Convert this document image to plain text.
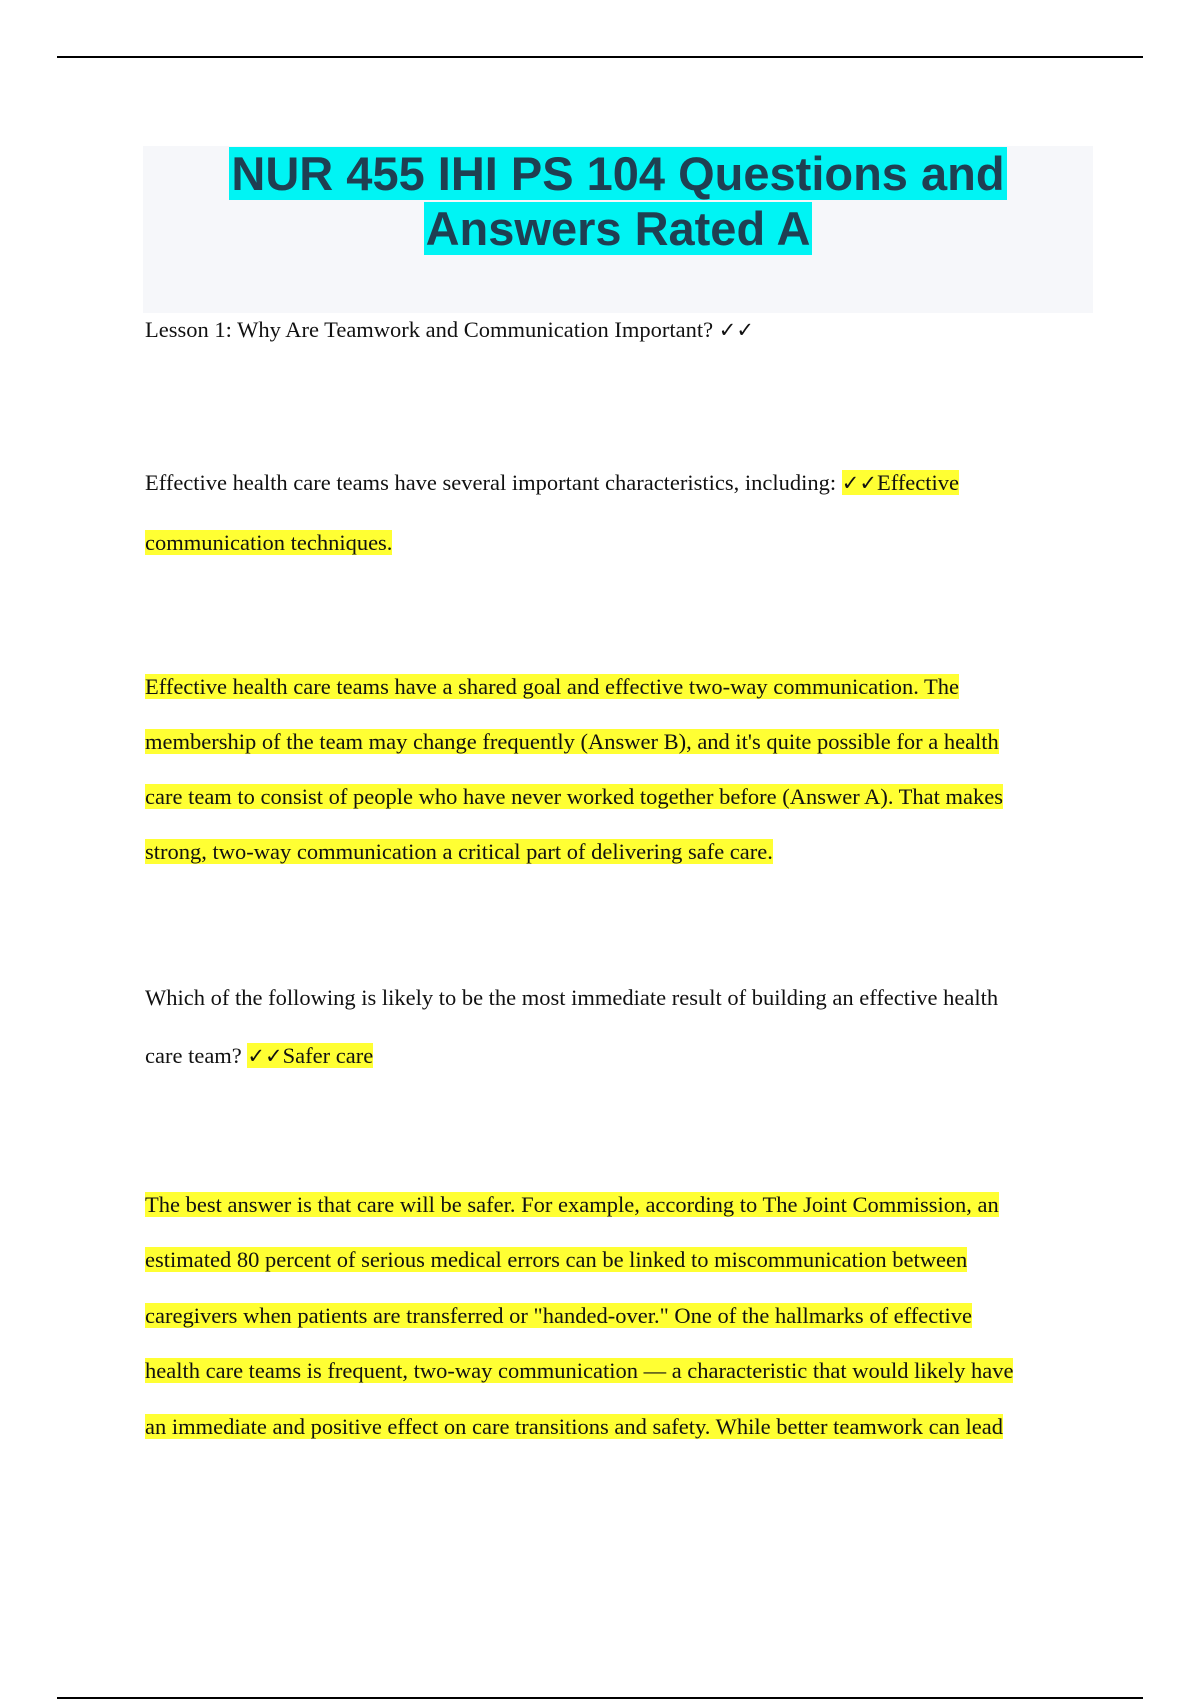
NUR 455 IHI PS 104 Questions and
Answers Rated A
Lesson 1: Why Are Teamwork and Communication Important? ✓✓
Effective health care teams have several important characteristics, including: ✓✓Effective
communication techniques.
Effective health care teams have a shared goal and effective two-way communication. The
membership of the team may change frequently (Answer B), and it's quite possible for a health
care team to consist of people who have never worked together before (Answer A). That makes
strong, two-way communication a critical part of delivering safe care.
Which of the following is likely to be the most immediate result of building an effective health
care team? ✓✓Safer care
The best answer is that care will be safer. For example, according to The Joint Commission, an
estimated 80 percent of serious medical errors can be linked to miscommunication between
caregivers when patients are transferred or "handed-over." One of the hallmarks of effective
health care teams is frequent, two-way communication — a characteristic that would likely have
an immediate and positive effect on care transitions and safety. While better teamwork can lead
